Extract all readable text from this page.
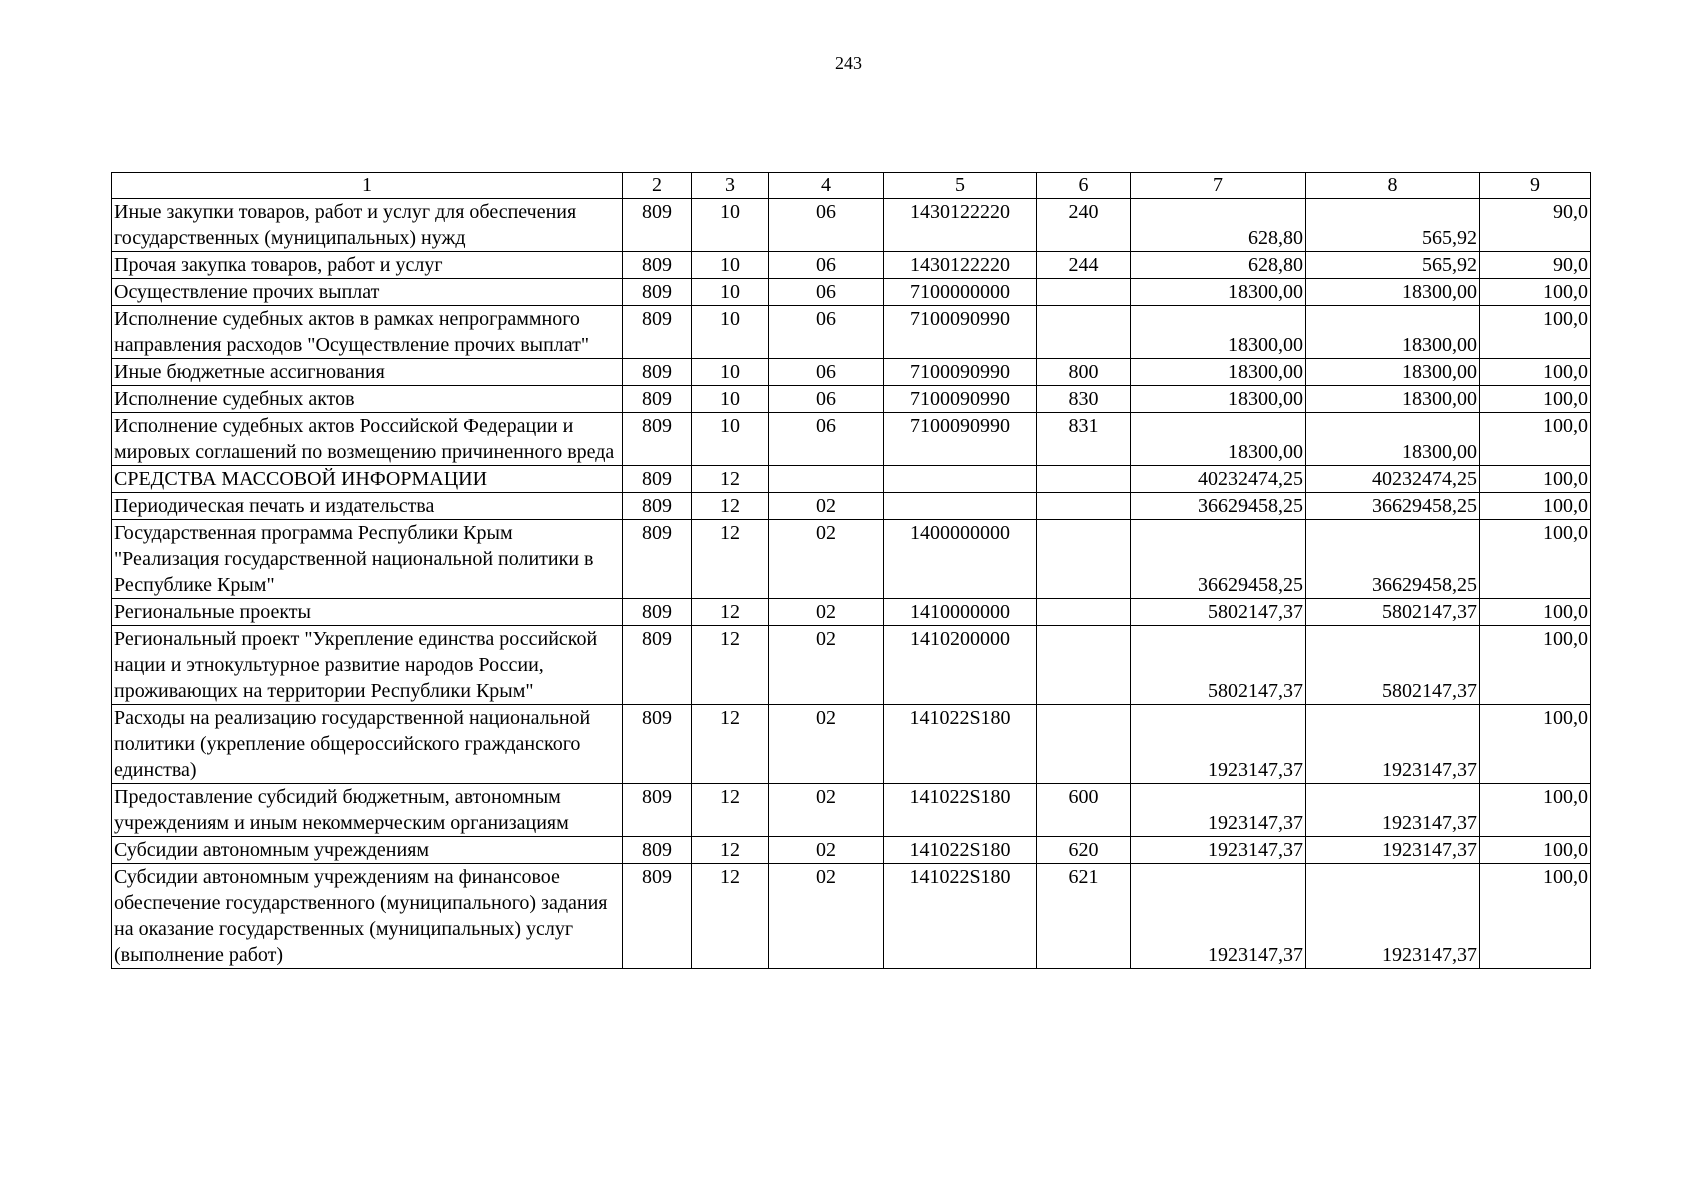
243
1	2	3	4	5	6	7	8	9
Иные закупки товаров, работ и услуг для обеспечения государственных (муниципальных) нужд	809	10	06	1430122220	240	628,80	565,92	90,0
Прочая закупка товаров, работ и услуг	809	10	06	1430122220	244	628,80	565,92	90,0
Осуществление прочих выплат	809	10	06	7100000000		18300,00	18300,00	100,0
Исполнение судебных актов в рамках непрограммного направления расходов "Осуществление прочих выплат"	809	10	06	7100090990		18300,00	18300,00	100,0
Иные бюджетные ассигнования	809	10	06	7100090990	800	18300,00	18300,00	100,0
Исполнение судебных актов	809	10	06	7100090990	830	18300,00	18300,00	100,0
Исполнение судебных актов Российской Федерации и мировых соглашений по возмещению причиненного вреда	809	10	06	7100090990	831	18300,00	18300,00	100,0
СРЕДСТВА МАССОВОЙ ИНФОРМАЦИИ	809	12				40232474,25	40232474,25	100,0
Периодическая печать и издательства	809	12	02			36629458,25	36629458,25	100,0
Государственная программа Республики Крым "Реализация государственной национальной политики в Республике Крым"	809	12	02	1400000000		36629458,25	36629458,25	100,0
Региональные проекты	809	12	02	1410000000		5802147,37	5802147,37	100,0
Региональный проект "Укрепление единства российской нации и этнокультурное развитие народов России, проживающих на территории Республики Крым"	809	12	02	1410200000		5802147,37	5802147,37	100,0
Расходы на реализацию государственной национальной политики (укрепление общероссийского гражданского единства)	809	12	02	141022S180		1923147,37	1923147,37	100,0
Предоставление субсидий бюджетным, автономным учреждениям и иным некоммерческим организациям	809	12	02	141022S180	600	1923147,37	1923147,37	100,0
Субсидии автономным учреждениям	809	12	02	141022S180	620	1923147,37	1923147,37	100,0
Субсидии автономным учреждениям на финансовое обеспечение государственного (муниципального) задания на оказание государственных (муниципальных) услуг (выполнение работ)	809	12	02	141022S180	621	1923147,37	1923147,37	100,0
